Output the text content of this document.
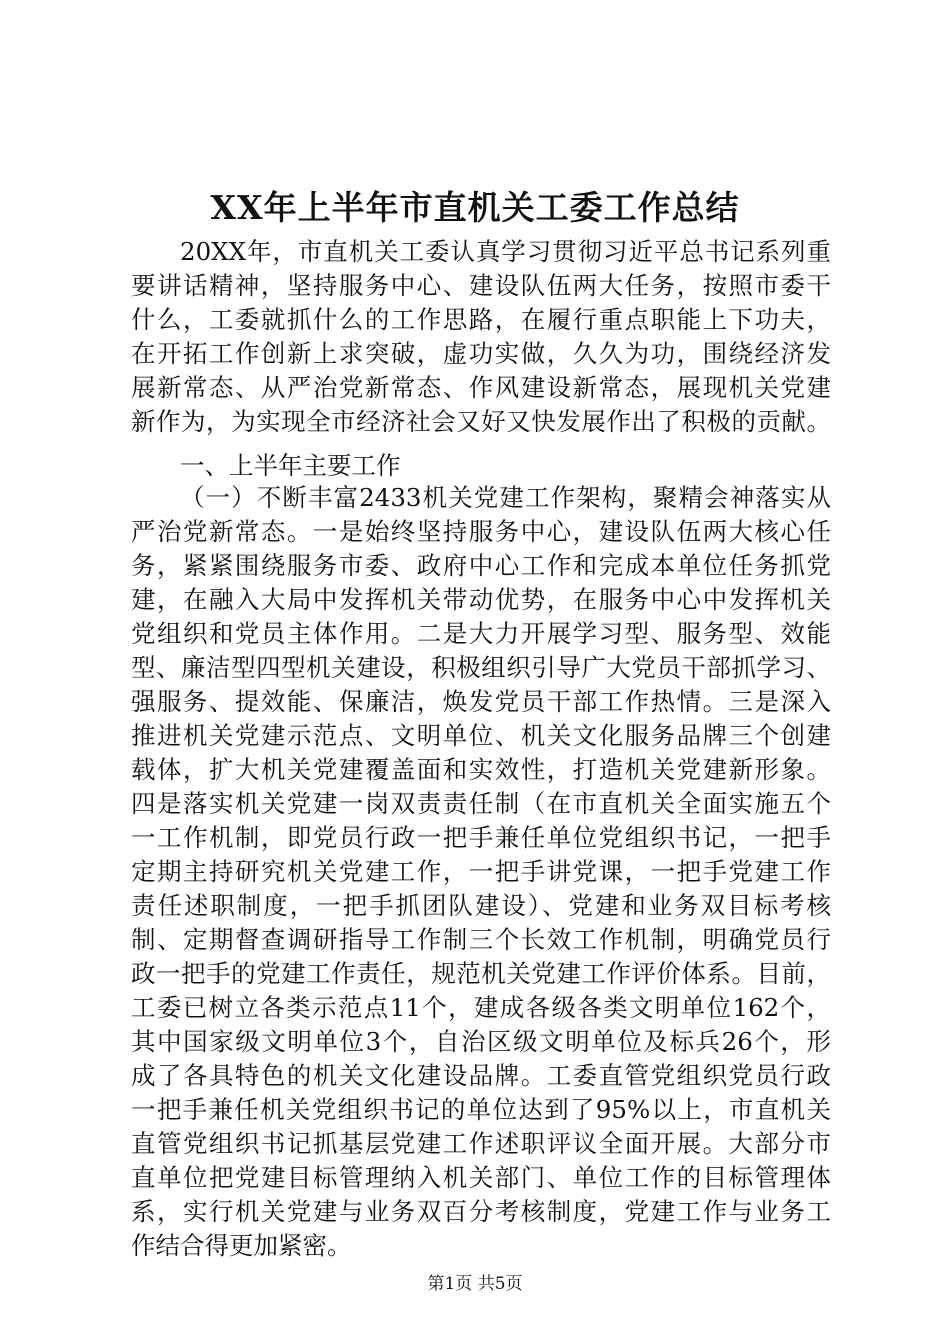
XX年上半年市直机关工委工作总结
20XX年，市直机关工委认真学习贯彻习近平总书记系列重
要讲话精神，坚持服务中心、建设队伍两大任务，按照市委干
什么，工委就抓什么的工作思路，在履行重点职能上下功夫，
在开拓工作创新上求突破，虚功实做，久久为功，围绕经济发
展新常态、从严治党新常态、作风建设新常态，展现机关党建
新作为，为实现全市经济社会又好又快发展作出了积极的贡献。
一、上半年主要工作
（一）不断丰富2433机关党建工作架构，聚精会神落实从
严治党新常态。一是始终坚持服务中心，建设队伍两大核心任
务，紧紧围绕服务市委、政府中心工作和完成本单位任务抓党
建，在融入大局中发挥机关带动优势，在服务中心中发挥机关
党组织和党员主体作用。二是大力开展学习型、服务型、效能
型、廉洁型四型机关建设，积极组织引导广大党员干部抓学习、
强服务、提效能、保廉洁，焕发党员干部工作热情。三是深入
推进机关党建示范点、文明单位、机关文化服务品牌三个创建
载体，扩大机关党建覆盖面和实效性，打造机关党建新形象。
四是落实机关党建一岗双责责任制（在市直机关全面实施五个
一工作机制，即党员行政一把手兼任单位党组织书记，一把手
定期主持研究机关党建工作，一把手讲党课，一把手党建工作
责任述职制度，一把手抓团队建设）、党建和业务双目标考核
制、定期督查调研指导工作制三个长效工作机制，明确党员行
政一把手的党建工作责任，规范机关党建工作评价体系。目前，
工委已树立各类示范点11个，建成各级各类文明单位162个，
其中国家级文明单位3个，自治区级文明单位及标兵26个，形
成了各具特色的机关文化建设品牌。工委直管党组织党员行政
一把手兼任机关党组织书记的单位达到了95%以上，市直机关
直管党组织书记抓基层党建工作述职评议全面开展。大部分市
直单位把党建目标管理纳入机关部门、单位工作的目标管理体
系，实行机关党建与业务双百分考核制度，党建工作与业务工
作结合得更加紧密。
第1页 共5页
